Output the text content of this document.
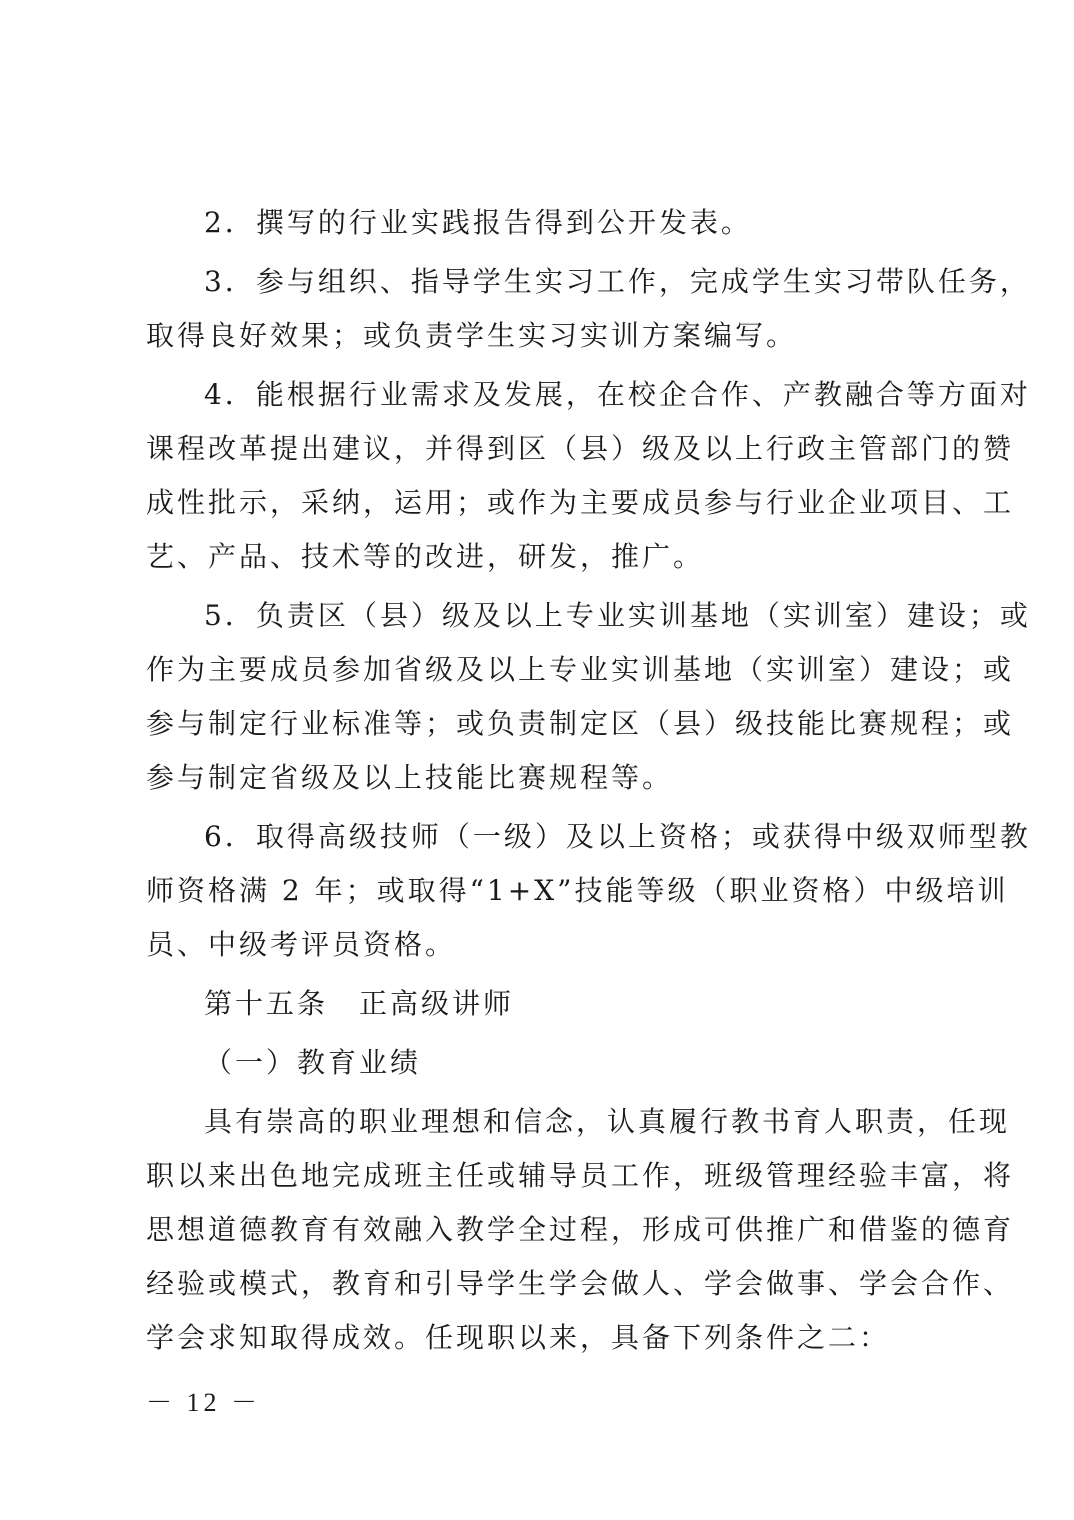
2．撰写的行业实践报告得到公开发表。

3．参与组织、指导学生实习工作，完成学生实习带队任务，
取得良好效果；或负责学生实习实训方案编写。

4．能根据行业需求及发展，在校企合作、产教融合等方面对
课程改革提出建议，并得到区（县）级及以上行政主管部门的赞
成性批示，采纳，运用；或作为主要成员参与行业企业项目、工
艺、产品、技术等的改进，研发，推广。

5．负责区（县）级及以上专业实训基地（实训室）建设；或
作为主要成员参加省级及以上专业实训基地（实训室）建设；或
参与制定行业标准等；或负责制定区（县）级技能比赛规程；或
参与制定省级及以上技能比赛规程等。

6．取得高级技师（一级）及以上资格；或获得中级双师型教
师资格满 2 年；或取得“1+X”技能等级（职业资格）中级培训
员、中级考评员资格。

第十五条　正高级讲师

（一）教育业绩

具有崇高的职业理想和信念，认真履行教书育人职责，任现
职以来出色地完成班主任或辅导员工作，班级管理经验丰富，将
思想道德教育有效融入教学全过程，形成可供推广和借鉴的德育
经验或模式，教育和引导学生学会做人、学会做事、学会合作、
学会求知取得成效。任现职以来，具备下列条件之二：

－ 12 －
